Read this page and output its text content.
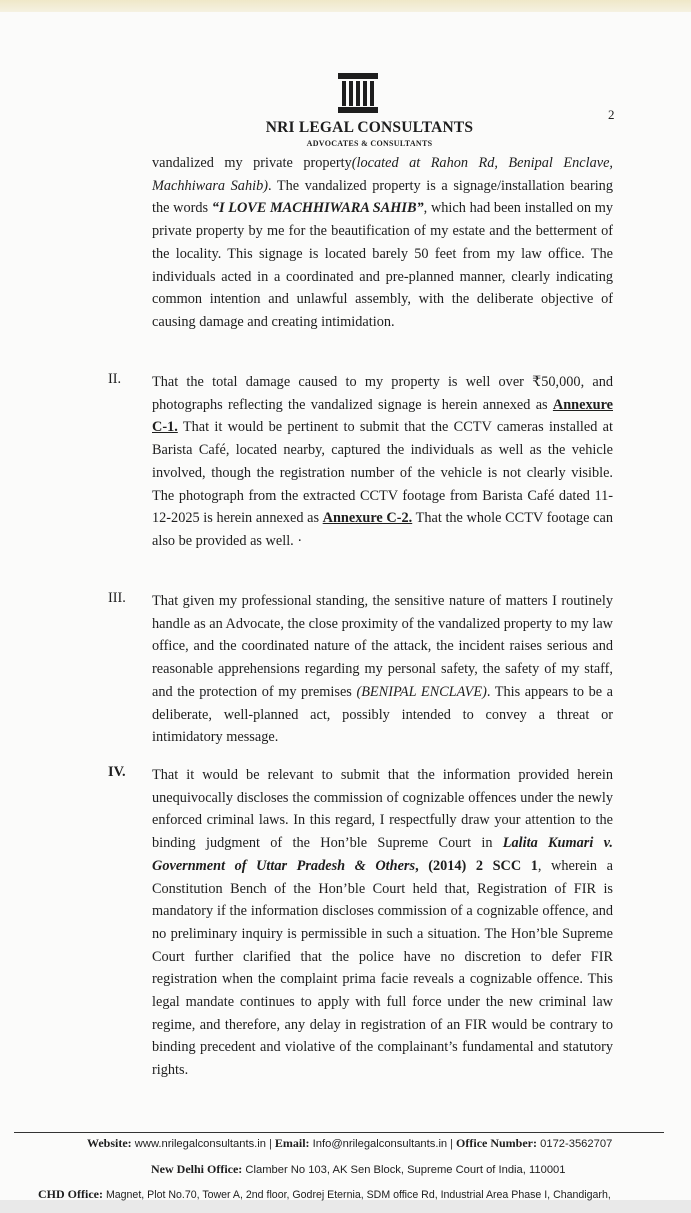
NRI LEGAL CONSULTANTS
ADVOCATES & CONSULTANTS
2

vandalized my private property(located at Rahon Rd, Benipal Enclave, Machhiwara Sahib). The vandalized property is a signage/installation bearing the words “I LOVE MACHHIWARA SAHIB”, which had been installed on my private property by me for the beautification of my estate and the betterment of the locality. This signage is located barely 50 feet from my law office. The individuals acted in a coordinated and pre-planned manner, clearly indicating common intention and unlawful assembly, with the deliberate objective of causing damage and creating intimidation.

II. That the total damage caused to my property is well over ₹50,000, and photographs reflecting the vandalized signage is herein annexed as Annexure C-1. That it would be pertinent to submit that the CCTV cameras installed at Barista Café, located nearby, captured the individuals as well as the vehicle involved, though the registration number of the vehicle is not clearly visible. The photograph from the extracted CCTV footage from Barista Café dated 11-12-2025 is herein annexed as Annexure C-2. That the whole CCTV footage can also be provided as well. ·

III. That given my professional standing, the sensitive nature of matters I routinely handle as an Advocate, the close proximity of the vandalized property to my law office, and the coordinated nature of the attack, the incident raises serious and reasonable apprehensions regarding my personal safety, the safety of my staff, and the protection of my premises (BENIPAL ENCLAVE). This appears to be a deliberate, well-planned act, possibly intended to convey a threat or intimidatory message.

IV. That it would be relevant to submit that the information provided herein unequivocally discloses the commission of cognizable offences under the newly enforced criminal laws. In this regard, I respectfully draw your attention to the binding judgment of the Hon’ble Supreme Court in Lalita Kumari v. Government of Uttar Pradesh & Others, (2014) 2 SCC 1, wherein a Constitution Bench of the Hon’ble Court held that, Registration of FIR is mandatory if the information discloses commission of a cognizable offence, and no preliminary inquiry is permissible in such a situation. The Hon’ble Supreme Court further clarified that the police have no discretion to defer FIR registration when the complaint prima facie reveals a cognizable offence. This legal mandate continues to apply with full force under the new criminal law regime, and therefore, any delay in registration of an FIR would be contrary to binding precedent and violative of the complainant’s fundamental and statutory rights.

Website: www.nrilegalconsultants.in | Email: Info@nrilegalconsultants.in | Office Number: 0172-3562707
New Delhi Office: Clamber No 103, AK Sen Block, Supreme Court of India, 110001
CHD Office: Magnet, Plot No.70, Tower A, 2nd floor, Godrej Eternia, SDM office Rd, Industrial Area Phase I, Chandigarh,
